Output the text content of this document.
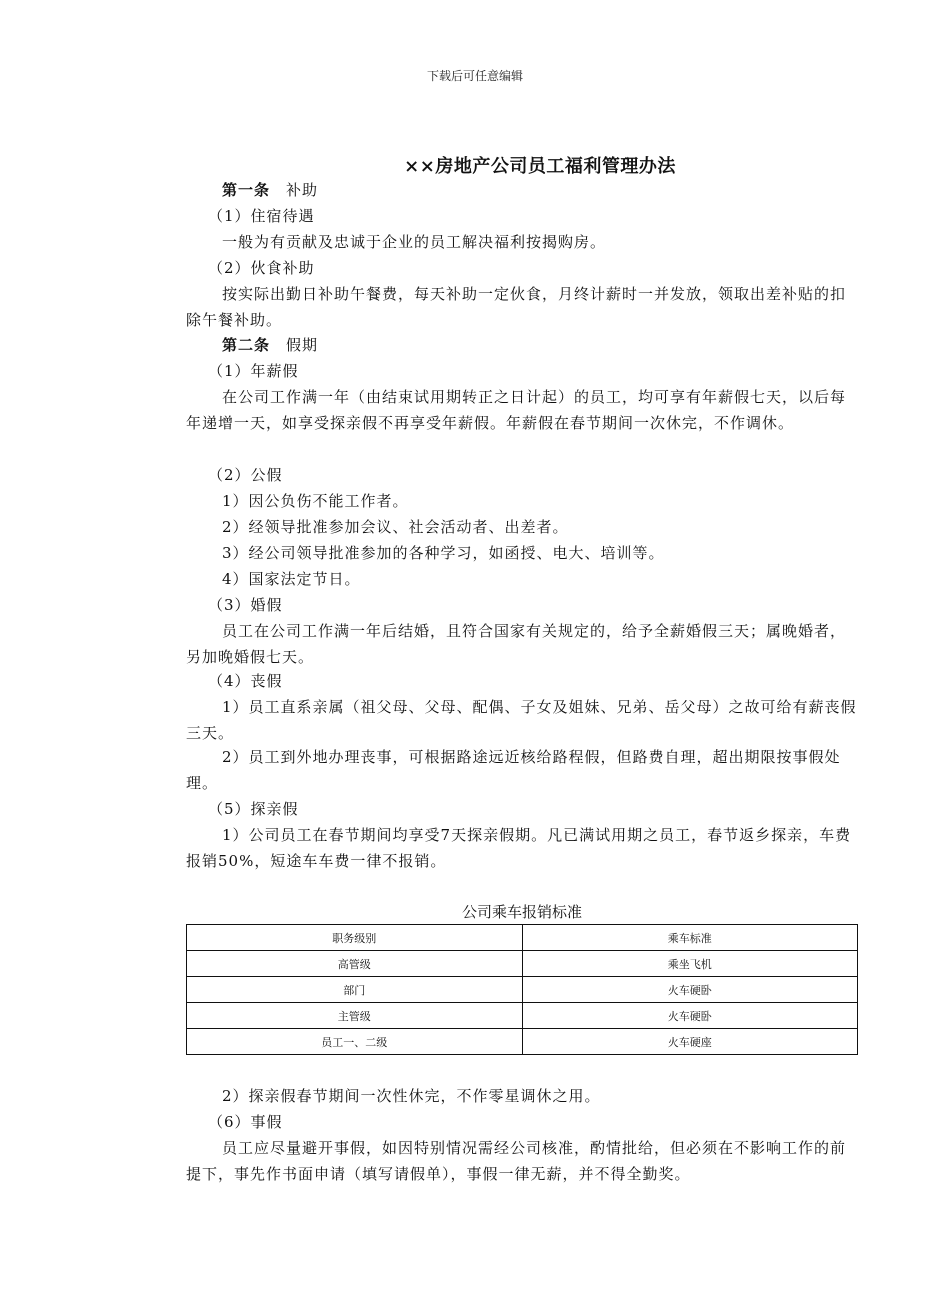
下载后可任意编辑
××房地产公司员工福利管理办法

第一条 补助

（1）住宿待遇

一般为有贡献及忠诚于企业的员工解决福利按揭购房。

（2）伙食补助

按实际出勤日补助午餐费，每天补助一定伙食，月终计薪时一并发放，领取出差补贴的扣除午餐补助。

第二条 假期

（1）年薪假

在公司工作满一年（由结束试用期转正之日计起）的员工，均可享有年薪假七天，以后每年递增一天，如享受探亲假不再享受年薪假。年薪假在春节期间一次休完，不作调休。

（2）公假

1）因公负伤不能工作者。

2）经领导批准参加会议、社会活动者、出差者。

3）经公司领导批准参加的各种学习，如函授、电大、培训等。

4）国家法定节日。

（3）婚假

员工在公司工作满一年后结婚，且符合国家有关规定的，给予全薪婚假三天；属晚婚者，另加晚婚假七天。

（4）丧假

1）员工直系亲属（祖父母、父母、配偶、子女及姐妹、兄弟、岳父母）之故可给有薪丧假三天。

2）员工到外地办理丧事，可根据路途远近核给路程假，但路费自理，超出期限按事假处理。

（5）探亲假

1）公司员工在春节期间均享受7天探亲假期。凡已满试用期之员工，春节返乡探亲，车费报销50%，短途车车费一律不报销。

公司乘车报销标准
职务级别	乘车标准
高管级	乘坐飞机
部门	火车硬卧
主管级	火车硬卧
员工一、二级	火车硬座

2）探亲假春节期间一次性休完，不作零星调休之用。

（6）事假

员工应尽量避开事假，如因特别情况需经公司核准，酌情批给，但必须在不影响工作的前提下，事先作书面申请（填写请假单），事假一律无薪，并不得全勤奖。
